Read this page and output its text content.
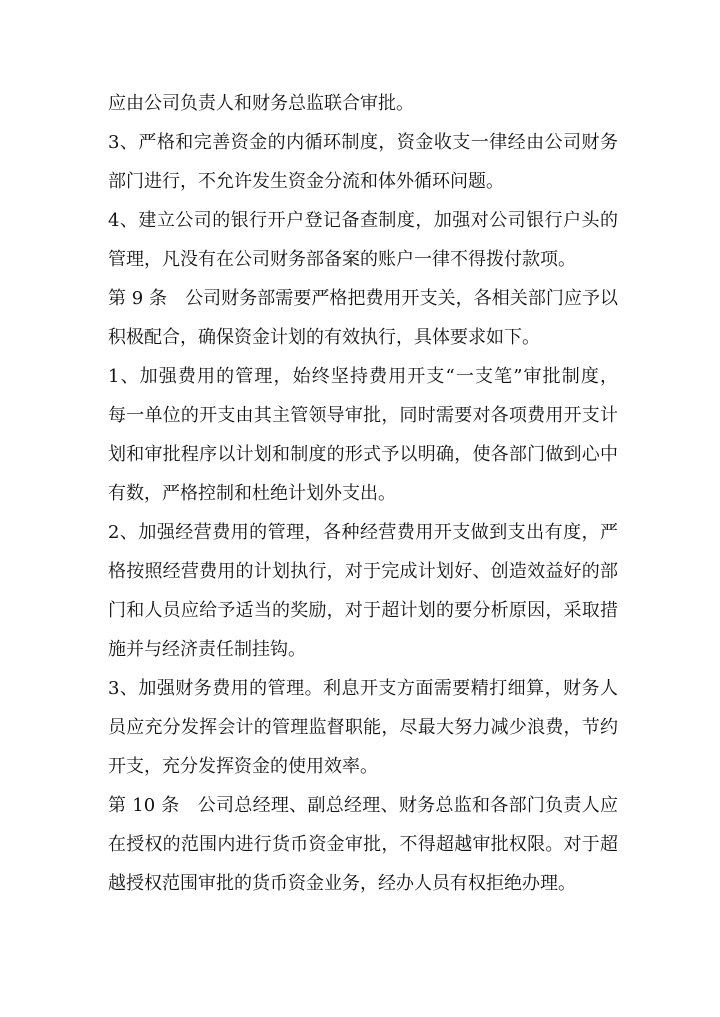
应由公司负责人和财务总监联合审批。
3、严格和完善资金的内循环制度，资金收支一律经由公司财务
部门进行，不允许发生资金分流和体外循环问题。
4、建立公司的银行开户登记备查制度，加强对公司银行户头的
管理，凡没有在公司财务部备案的账户一律不得拨付款项。
第 9 条　公司财务部需要严格把费用开支关，各相关部门应予以
积极配合，确保资金计划的有效执行，具体要求如下。
1、加强费用的管理，始终坚持费用开支“一支笔”审批制度，
每一单位的开支由其主管领导审批，同时需要对各项费用开支计
划和审批程序以计划和制度的形式予以明确，使各部门做到心中
有数，严格控制和杜绝计划外支出。
2、加强经营费用的管理，各种经营费用开支做到支出有度，严
格按照经营费用的计划执行，对于完成计划好、创造效益好的部
门和人员应给予适当的奖励，对于超计划的要分析原因，采取措
施并与经济责任制挂钩。
3、加强财务费用的管理。利息开支方面需要精打细算，财务人
员应充分发挥会计的管理监督职能，尽最大努力减少浪费，节约
开支，充分发挥资金的使用效率。
第 10 条　公司总经理、副总经理、财务总监和各部门负责人应
在授权的范围内进行货币资金审批，不得超越审批权限。对于超
越授权范围审批的货币资金业务，经办人员有权拒绝办理。
